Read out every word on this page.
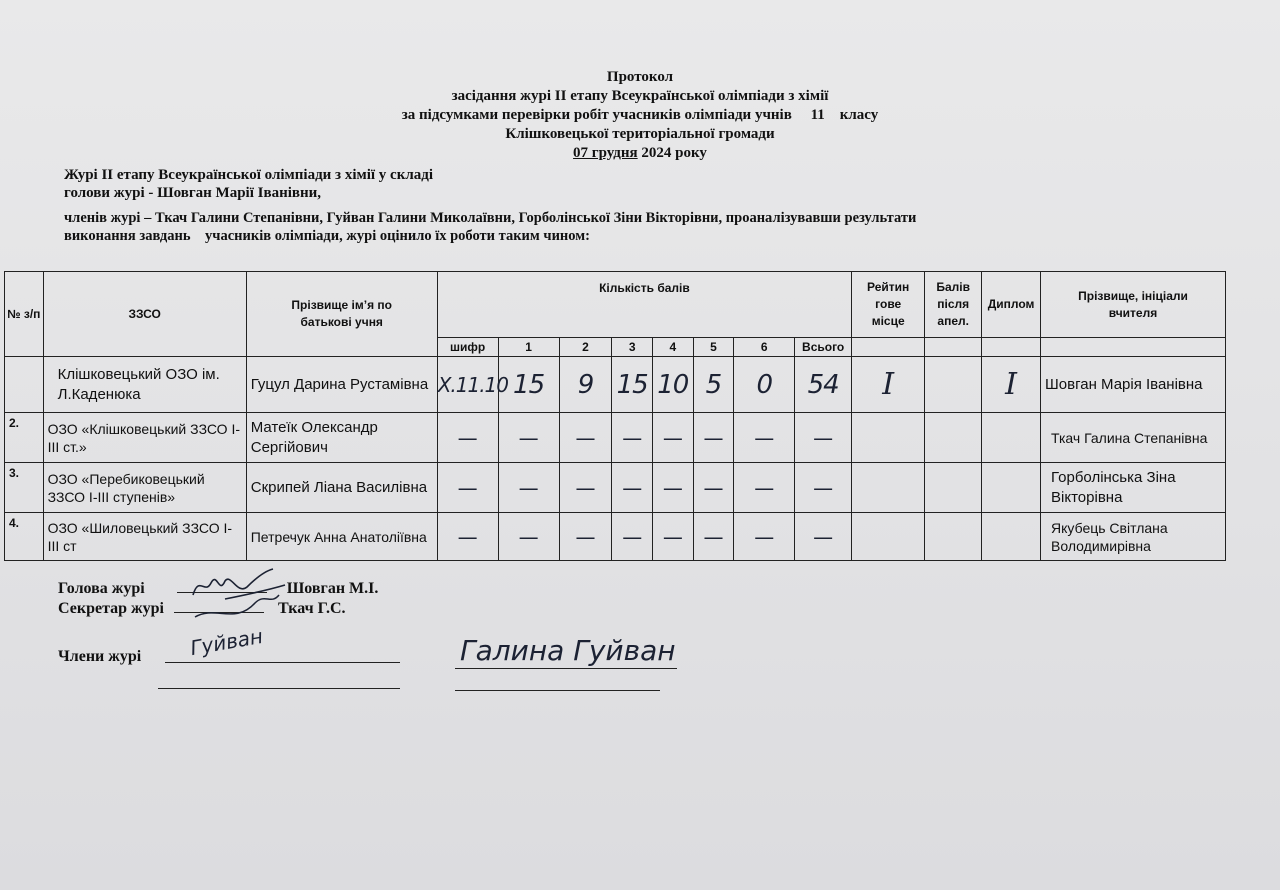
Протокол
засідання журі ІІ етапу Всеукраїнської олімпіади з хімії
за підсумками перевірки робіт учасників олімпіади учнів     11    класу
Клішковецької територіальної громади
07 грудня 2024 року
Журі ІІ етапу Всеукраїнської олімпіади з хімії у складі
голови журі - Шовган Марії Іванівни,
членів журі – Ткач Галини Степанівни, Гуйван Галини Миколаївни, Горболінської Зіни Вікторівни, проаналізувавши результати
виконання завдань    учасників олімпіади, журі оцінило їх роботи таким чином:
№ з/п	ЗЗСО	Прізвище ім’я по батькові учня	Кількість балів								Рейтин гове місце	Балів після апел.	Диплом	Прізвище, ініціали вчителя
			шифр	1	2	3	4	5	6	Всього				
	Клішковецький ОЗО ім. Л.Каденюка	Гуцул Дарина Рустамівна	Х.11.10	15	9	15	10	5	0	54	I		I	Шовган Марія Іванівна
2.	ОЗО «Клішковецький ЗЗСО І-ІІІ ст.»	Матеїк Олександр Сергійович	—	—	—	—	—	—	—	—				Ткач Галина Степанівна
3.	ОЗО «Перебиковецький ЗЗСО І-ІІІ ступенів»	Скрипей Ліана Василівна	—	—	—	—	—	—	—	—				Горболінська Зіна Вікторівна
4.	ОЗО «Шиловецький ЗЗСО І-ІІІ ст	Петречук Анна Анатоліївна	—	—	—	—	—	—	—	—				Якубець Світлана Володимирівна
Голова журі	Шовган М.І.
Секретар журі	Ткач Г.С.
Члени журі Гуйван	Галина Гуйван
